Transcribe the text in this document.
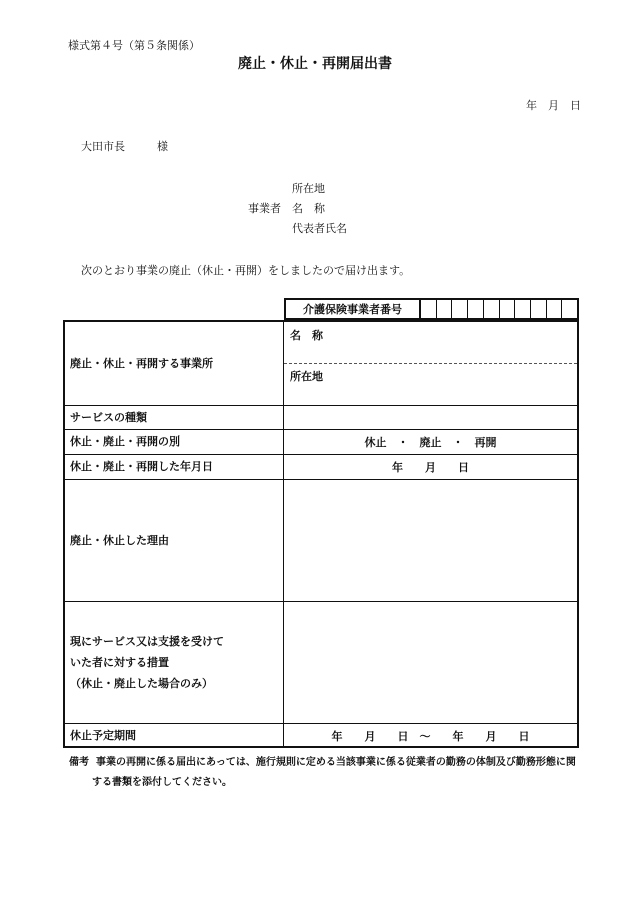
様式第４号（第５条関係）
廃止・休止・再開届出書
年　月　日
大田市長	様
所在地
事業者 名　称
代表者氏名
次のとおり事業の廃止（休止・再開）をしましたので届け出ます。
介護保険事業者番号
廃止・休止・再開する事業所
名　称
所在地
サービスの種類
休止・廃止・再開の別	休止　・　廃止　・　再開
休止・廃止・再開した年月日	年　　月　　日
廃止・休止した理由
現にサービス又は支援を受けて
いた者に対する措置
（休止・廃止した場合のみ）
休止予定期間	年　　月　　日　〜　　年　　月　　日
備考 事業の再開に係る届出にあっては、施行規則に定める当該事業に係る従業者の勤務の体制及び勤務形態に関
する書類を添付してください。
